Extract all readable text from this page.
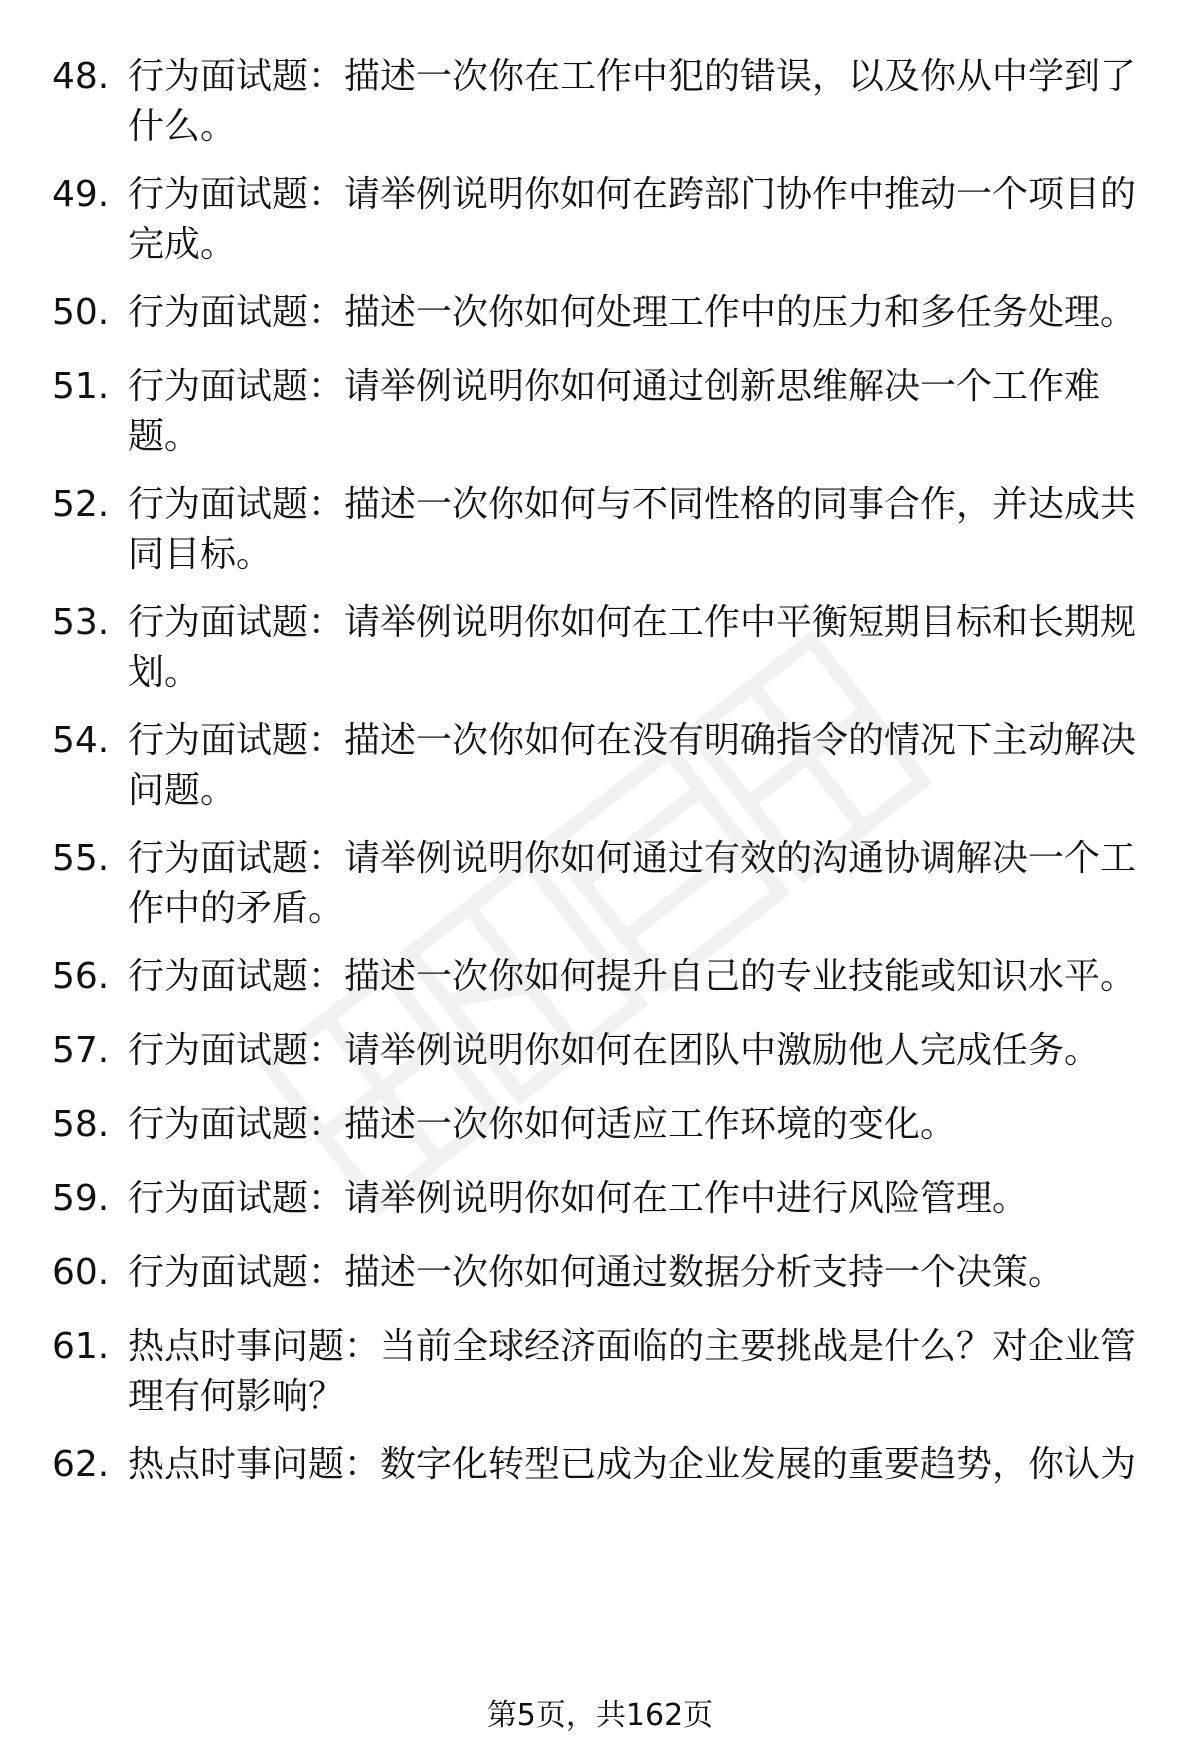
48. 行为面试题：描述一次你在工作中犯的错误，以及你从中学到了什么。
49. 行为面试题：请举例说明你如何在跨部门协作中推动一个项目的完成。
50. 行为面试题：描述一次你如何处理工作中的压力和多任务处理。
51. 行为面试题：请举例说明你如何通过创新思维解决一个工作难题。
52. 行为面试题：描述一次你如何与不同性格的同事合作，并达成共同目标。
53. 行为面试题：请举例说明你如何在工作中平衡短期目标和长期规划。
54. 行为面试题：描述一次你如何在没有明确指令的情况下主动解决问题。
55. 行为面试题：请举例说明你如何通过有效的沟通协调解决一个工作中的矛盾。
56. 行为面试题：描述一次你如何提升自己的专业技能或知识水平。
57. 行为面试题：请举例说明你如何在团队中激励他人完成任务。
58. 行为面试题：描述一次你如何适应工作环境的变化。
59. 行为面试题：请举例说明你如何在工作中进行风险管理。
60. 行为面试题：描述一次你如何通过数据分析支持一个决策。
61. 热点时事问题：当前全球经济面临的主要挑战是什么？对企业管理有何影响？
62. 热点时事问题：数字化转型已成为企业发展的重要趋势，你认为
第5页，共162页
